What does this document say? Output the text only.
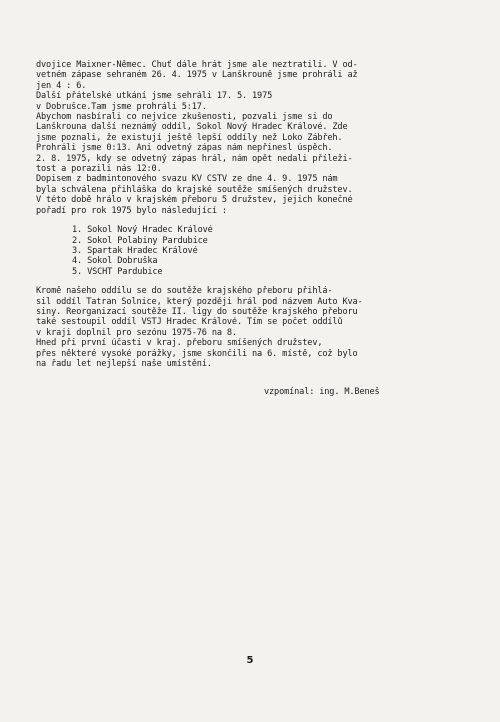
dvojice Maixner-Němec. Chuť dále hrát jsme ale neztratili. V od-
vetném zápase sehraném 26. 4. 1975 v Lanškrouně jsme prohráli až
jen 4 : 6.
Další přátelské utkání jsme sehráli 17. 5. 1975
v Dobrušce.Tam jsme prohráli 5:17.
Abychom nasbírali co nejvíce zkušenosti, pozvali jsme si do
Lanškrouna další neznámý oddíl, Sokol Nový Hradec Králové. Zde
jsme poznali, že existují ještě lepší oddíly než Loko Zábřeh.
Prohráli jsme 0:13. Ani odvetný zápas nám nepřinesl úspěch.
2. 8. 1975, kdy se odvetný zápas hrál, nám opět nedali příleži-
tost a porazili nás 12:0.
Dopisem z badmintonového svazu KV ČSTV ze dne 4. 9. 1975 nám
byla schválena přihláška do krajské soutěže smíšených družstev.
V této době hrálo v krajském přeboru 5 družstev, jejich konečné
pořadí pro rok 1975 bylo následující :
1. Sokol Nový Hradec Králové
2. Sokol Polabiny Pardubice
3. Spartak Hradec Králové
4. Sokol Dobruška
5. VŠCHT Pardubice
Kromě našeho oddílu se do soutěže krajského přeboru přihlá-
sil oddíl Tatran Solnice, který později hrál pod názvem Auto Kva-
siny. Reorganizací soutěže II. ligy do soutěže krajského přeboru
také sestoupil oddíl VŠTJ Hradec Králové. Tím se počet oddílů
v kraji doplnil pro sezónu 1975-76 na 8.
Hned při první účasti v kraj. přeboru smíšených družstev,
přes některé vysoké porážky, jsme skončili na 6. místě, což bylo
na řadu let nejlepší naše umístění.
vzpomínal: ing. M.Beneš
5
